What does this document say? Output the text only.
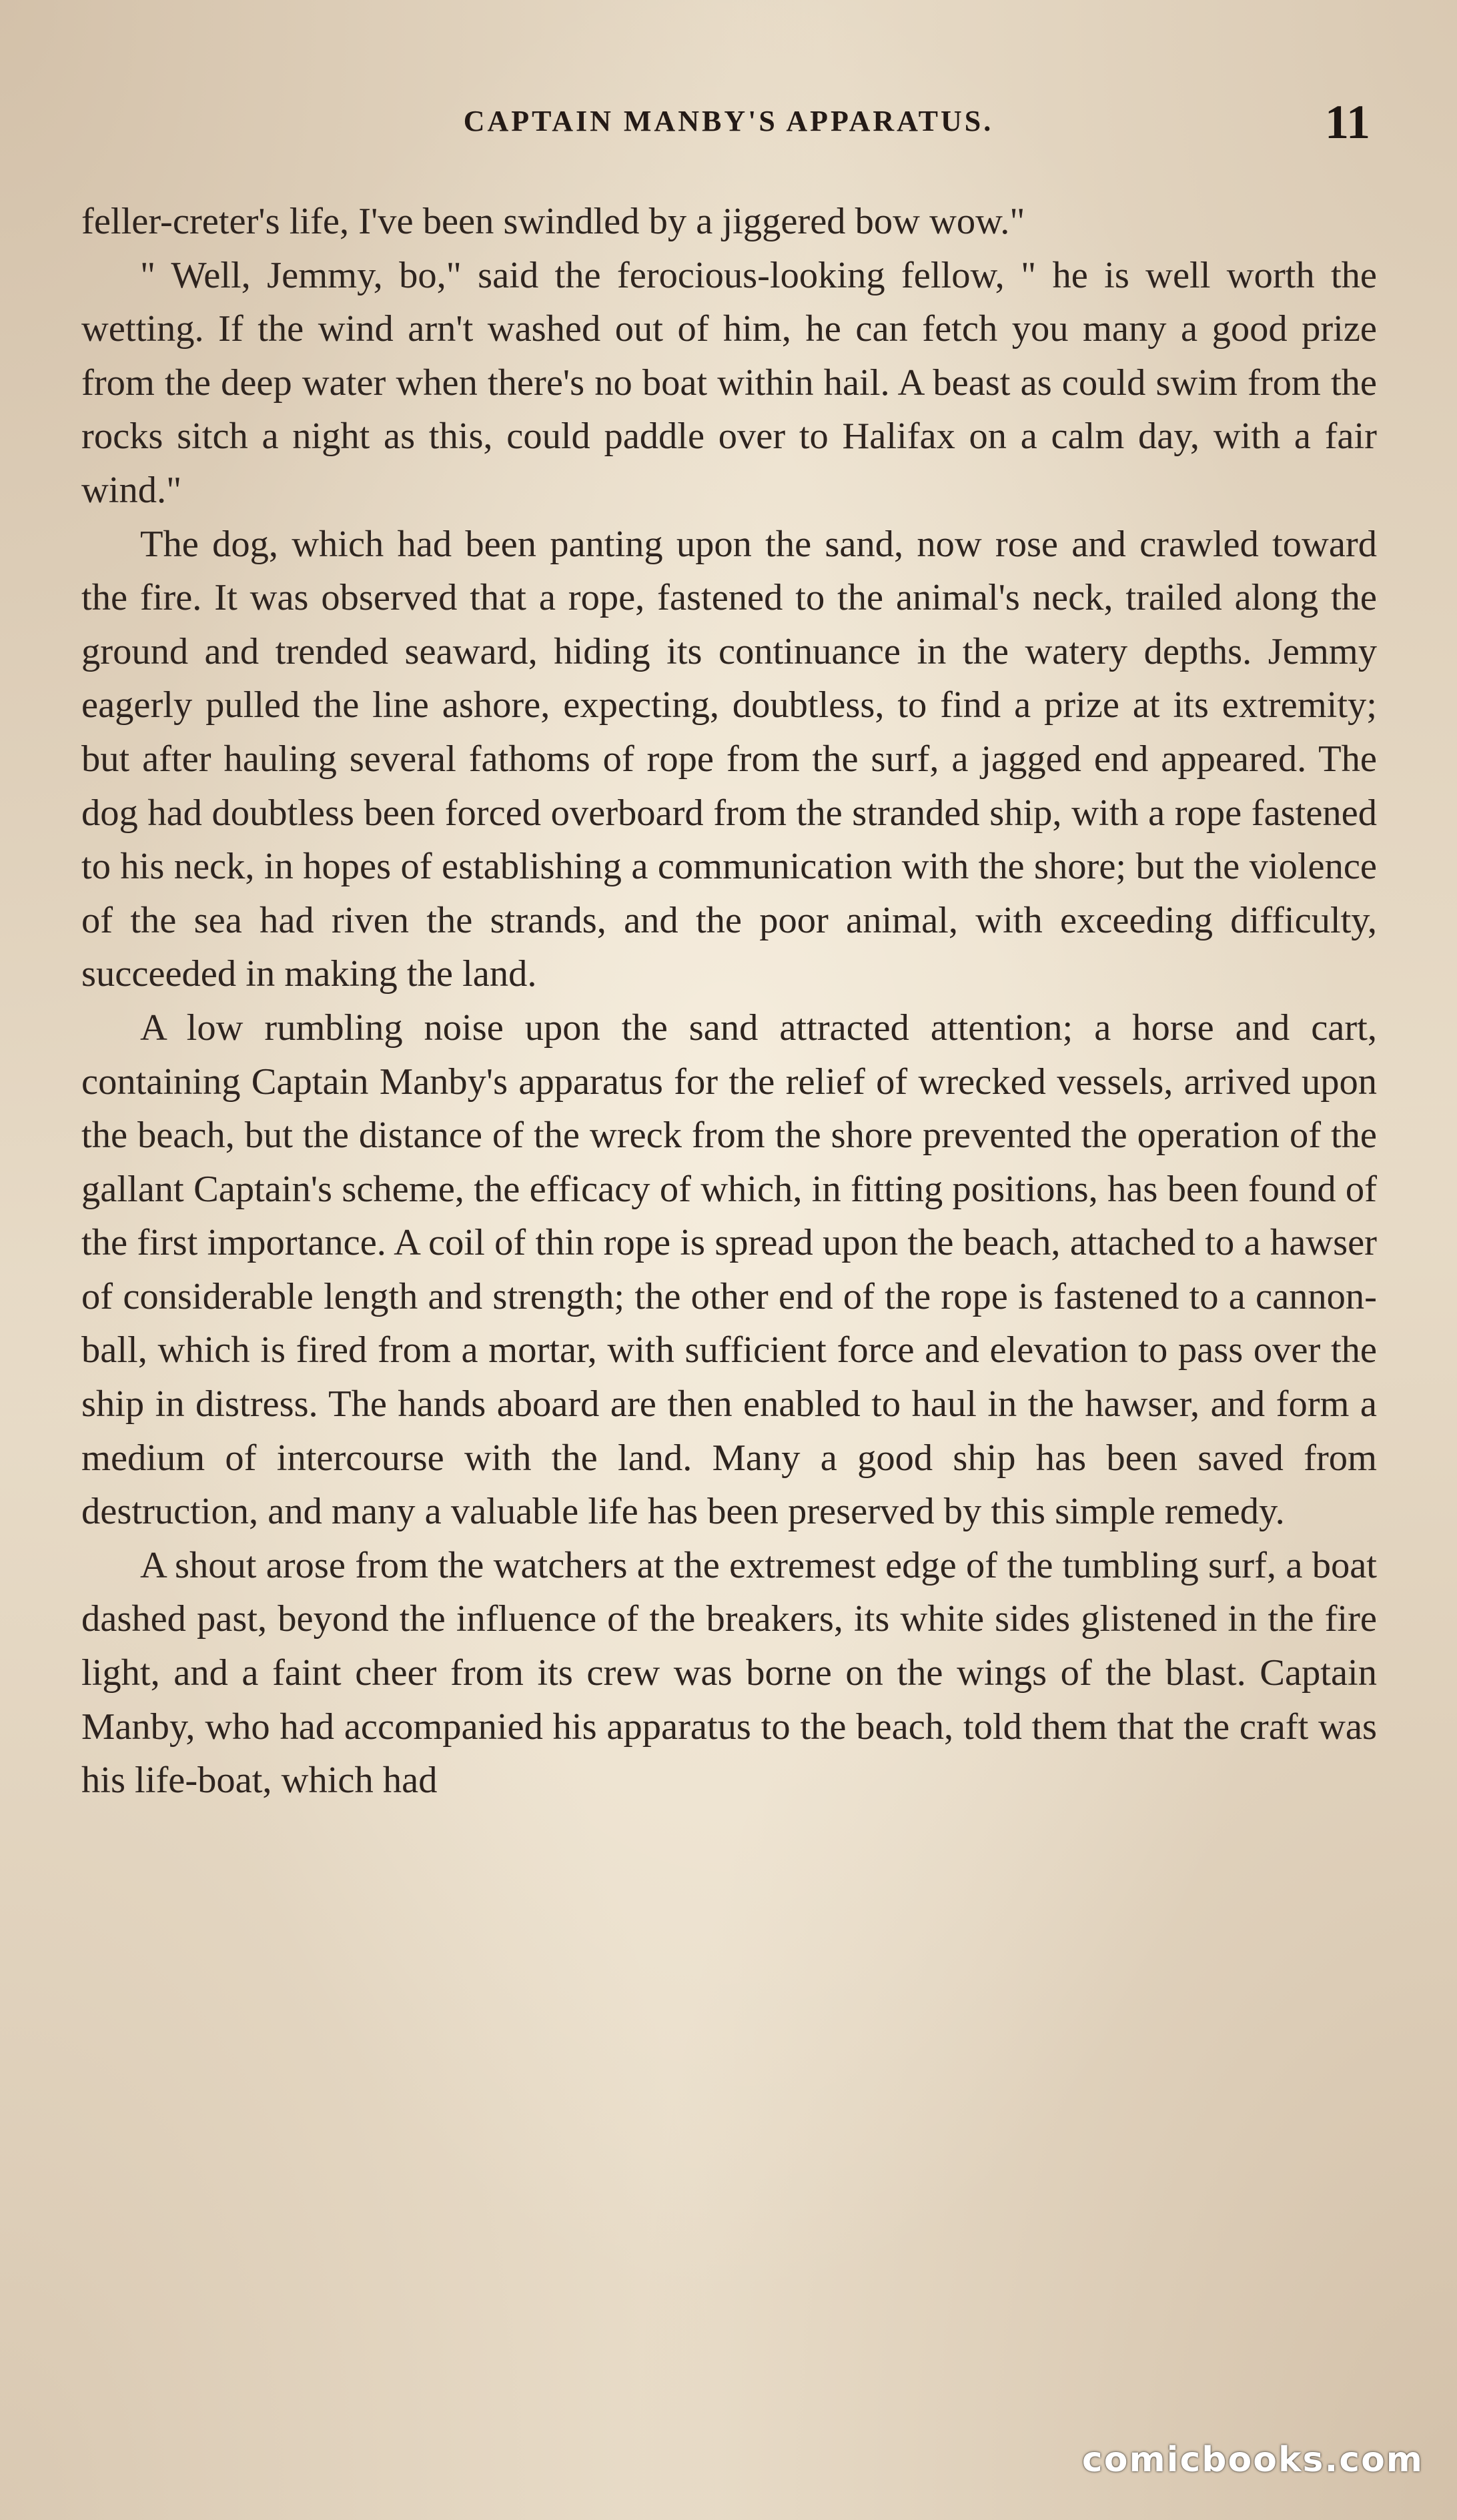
CAPTAIN MANBY'S APPARATUS.	11

feller-creter's life, I've been swindled by a jiggered bow wow."

" Well, Jemmy, bo," said the ferocious-looking fellow, " he is well worth the wetting. If the wind arn't washed out of him, he can fetch you many a good prize from the deep water when there's no boat within hail. A beast as could swim from the rocks sitch a night as this, could paddle over to Halifax on a calm day, with a fair wind."

The dog, which had been panting upon the sand, now rose and crawled toward the fire. It was observed that a rope, fastened to the animal's neck, trailed along the ground and trended seaward, hiding its continuance in the watery depths. Jemmy eagerly pulled the line ashore, expecting, doubtless, to find a prize at its extremity; but after hauling several fathoms of rope from the surf, a jagged end appeared. The dog had doubtless been forced overboard from the stranded ship, with a rope fastened to his neck, in hopes of establishing a communication with the shore; but the violence of the sea had riven the strands, and the poor animal, with exceeding difficulty, succeeded in making the land.

A low rumbling noise upon the sand attracted attention; a horse and cart, containing Captain Manby's apparatus for the relief of wrecked vessels, arrived upon the beach, but the distance of the wreck from the shore prevented the operation of the gallant Captain's scheme, the efficacy of which, in fitting positions, has been found of the first importance. A coil of thin rope is spread upon the beach, attached to a hawser of considerable length and strength; the other end of the rope is fastened to a cannon-ball, which is fired from a mortar, with sufficient force and elevation to pass over the ship in distress. The hands aboard are then enabled to haul in the hawser, and form a medium of intercourse with the land. Many a good ship has been saved from destruction, and many a valuable life has been preserved by this simple remedy.

A shout arose from the watchers at the extremest edge of the tumbling surf, a boat dashed past, beyond the influence of the breakers, its white sides glistened in the fire light, and a faint cheer from its crew was borne on the wings of the blast. Captain Manby, who had accompanied his apparatus to the beach, told them that the craft was his life-boat, which had

comicbooks.com
